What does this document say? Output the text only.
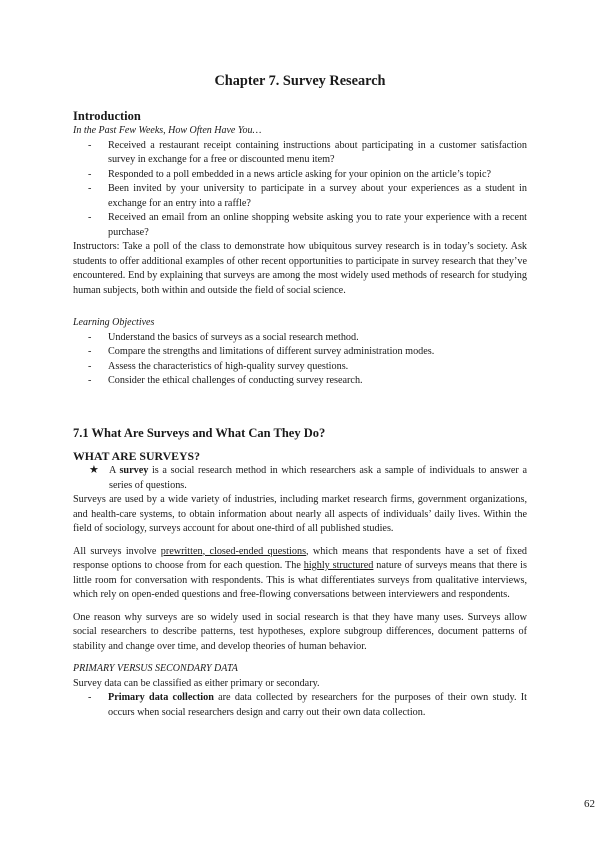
Chapter 7. Survey Research
Introduction
In the Past Few Weeks, How Often Have You…
- Received a restaurant receipt containing instructions about participating in a customer satisfaction survey in exchange for a free or discounted menu item?
- Responded to a poll embedded in a news article asking for your opinion on the article’s topic?
- Been invited by your university to participate in a survey about your experiences as a student in exchange for an entry into a raffle?
- Received an email from an online shopping website asking you to rate your experience with a recent purchase?

Instructors: Take a poll of the class to demonstrate how ubiquitous survey research is in today’s society. Ask students to offer additional examples of other recent opportunities to participate in survey research that they’ve encountered. End by explaining that surveys are among the most widely used methods of research for studying human subjects, both within and outside the field of social science.

Learning Objectives
- Understand the basics of surveys as a social research method.
- Compare the strengths and limitations of different survey administration modes.
- Assess the characteristics of high-quality survey questions.
- Consider the ethical challenges of conducting survey research.
7.1 What Are Surveys and What Can They Do?
WHAT ARE SURVEYS?
★ A survey is a social research method in which researchers ask a sample of individuals to answer a series of questions.

Surveys are used by a wide variety of industries, including market research firms, government organizations, and health-care systems, to obtain information about nearly all aspects of individuals’ daily lives. Within the field of sociology, surveys account for about one-third of all published studies.

All surveys involve prewritten, closed-ended questions, which means that respondents have a set of fixed response options to choose from for each question. The highly structured nature of surveys means that there is little room for conversation with respondents. This is what differentiates surveys from qualitative interviews, which rely on open-ended questions and free-flowing conversations between interviewers and respondents.

One reason why surveys are so widely used in social research is that they have many uses. Surveys allow social researchers to describe patterns, test hypotheses, explore subgroup differences, document patterns of stability and change over time, and develop theories of human behavior.

PRIMARY VERSUS SECONDARY DATA

Survey data can be classified as either primary or secondary.

- Primary data collection are data collected by researchers for the purposes of their own study. It occurs when social researchers design and carry out their own data collection.
62
